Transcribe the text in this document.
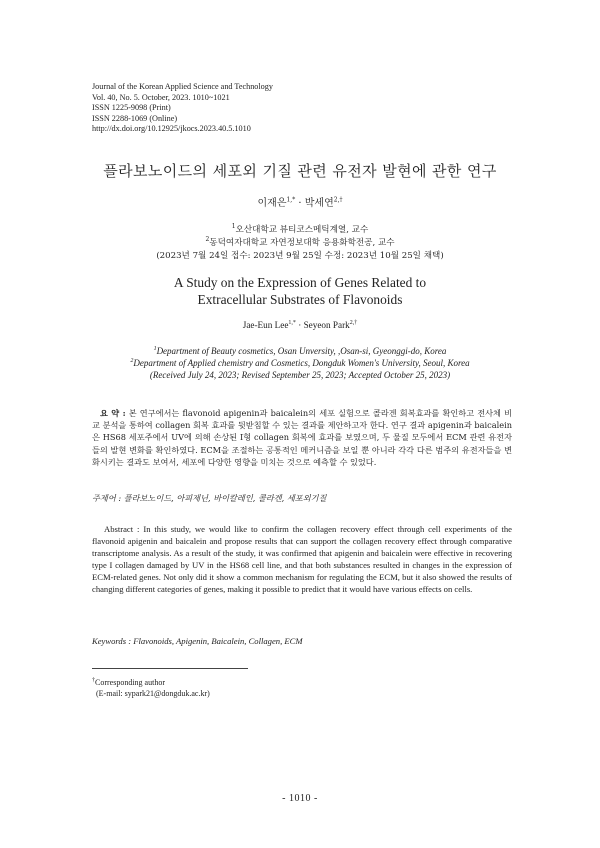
Journal of the Korean Applied Science and Technology
Vol. 40, No. 5. October, 2023. 1010~1021
ISSN 1225-9098 (Print)
ISSN 2288-1069 (Online)
http://dx.doi.org/10.12925/jkocs.2023.40.5.1010
플라보노이드의 세포외 기질 관련 유전자 발현에 관한 연구
이재은$^{1,*}$ · 박세연$^{2,\dagger}$
$^1$오산대학교 뷰티코스메틱계열, 교수
$^2$동덕여자대학교 자연정보대학 응용화학전공, 교수
(2023년 7월 24일 접수: 2023년 9월 25일 수정: 2023년 10월 25일 채택)
A Study on the Expression of Genes Related to
Extracellular Substrates of Flavonoids
Jae-Eun Lee$^{1,*}$ · Seyeon Park$^{2,\dagger}$
$^1$Department of Beauty cosmetics, Osan Unversity, ,Osan-si, Gyeonggi-do, Korea
$^2$Department of Applied chemistry and Cosmetics, Dongduk Women's University, Seoul, Korea
(Received July 24, 2023; Revised September 25, 2023; Accepted October 25, 2023)
요 약 : 본 연구에서는 flavonoid apigenin과 baicalein의 세포 실험으로 콜라겐 회복효과를 확인하고 전사체 비교 분석을 통하여 collagen 회복 효과를 뒷받침할 수 있는 결과를 제안하고자 한다. 연구 결과 apigenin과 baicalein은 HS68 세포주에서 UV에 의해 손상된 I형 collagen 회복에 효과를 보였으며, 두 물질 모두에서 ECM 관련 유전자들의 발현 변화를 확인하였다. ECM을 조절하는 공통적인 메커니즘을 보일 뿐 아니라 각각 다른 범주의 유전자들을 변화시키는 결과도 보여서, 세포에 다양한 영향을 미치는 것으로 예측할 수 있었다.
주제어 : 플라보노이드, 아피제닌, 바이칼레인, 콜라겐, 세포외기질
Abstract : In this study, we would like to confirm the collagen recovery effect through cell experiments of the flavonoid apigenin and baicalein and propose results that can support the collagen recovery effect through comparative transcriptome analysis. As a result of the study, it was confirmed that apigenin and baicalein were effective in recovering type I collagen damaged by UV in the HS68 cell line, and that both substances resulted in changes in the expression of ECM-related genes. Not only did it show a common mechanism for regulating the ECM, but it also showed the results of changing different categories of genes, making it possible to predict that it would have various effects on cells.
Keywords : Flavonoids, Apigenin, Baicalein, Collagen, ECM
†Corresponding author
(E-mail: sypark21@dongduk.ac.kr)
- 1010 -
